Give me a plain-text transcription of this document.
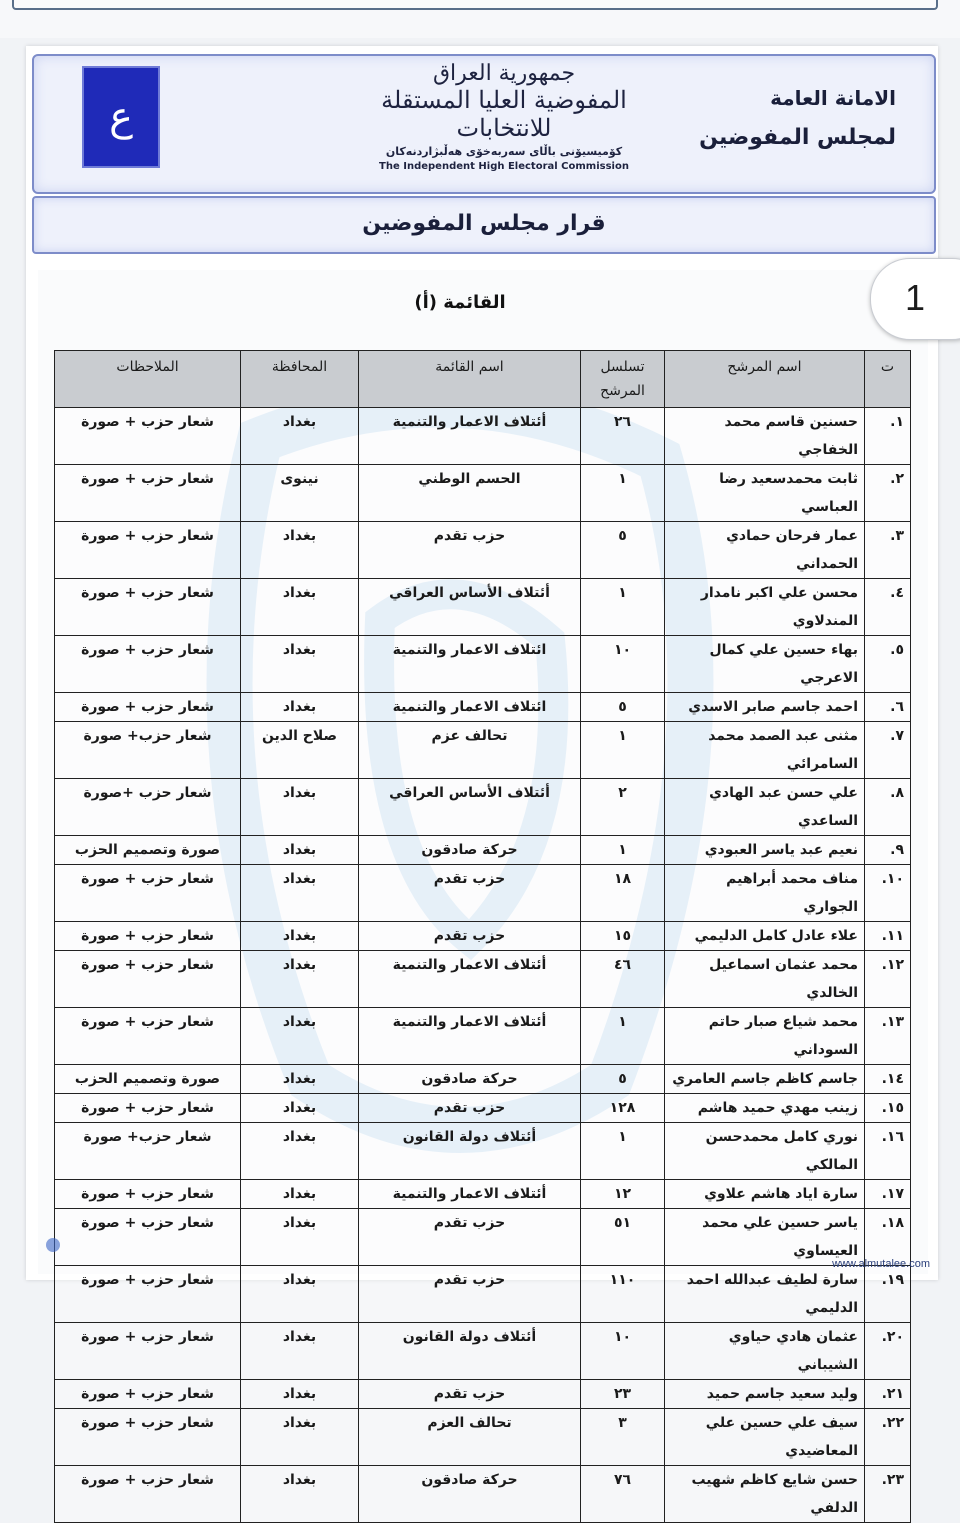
ع
جمهورية العراق
المفوضية العليا المستقلة للانتخابات
كۆمیسیۆنی باڵای سەربەخۆی هەڵبژاردنەکان
The Independent High Electoral Commission
الامانة العامة
لمجلس المفوضين
قرار مجلس المفوضين
1
القائمة (أ)
ت	اسم المرشح	تسلسل المرشح	اسم القائمة	المحافظة	الملاحظات
١.	حسنين قاسم محمد الخفاجي	٢٦	أئتلاف الاعمار والتنمية	بغداد	شعار حزب + صورة
٢.	ثابت محمدسعيد رضا العباسي	١	الحسم الوطني	نينوى	شعار حزب + صورة
٣.	عمار فرحان حمادي الحمداني	٥	حزب تقدم	بغداد	شعار حزب + صورة
٤.	محسن علي اكبر نامدار المندلاوي	١	أئتلاف الأساس العراقي	بغداد	شعار حزب + صورة
٥.	بهاء حسين علي كمال الاعرجي	١٠	ائتلاف الاعمار والتنمية	بغداد	شعار حزب + صورة
٦.	احمد جاسم صابر الاسدي	٥	ائتلاف الاعمار والتنمية	بغداد	شعار حزب + صورة
٧.	مثنى عبد الصمد محمد السامرائي	١	تحالف عزم	صلاح الدين	شعار حزب+ صورة
٨.	علي حسن عبد الهادي الساعدي	٢	أئتلاف الأساس العراقي	بغداد	شعار حزب +صورة
٩.	نعيم عبد ياسر العبودي	١	حركة صادقون	بغداد	صورة وتصميم الحزب
١٠.	مناف محمد أبراهيم الجواري	١٨	حزب تقدم	بغداد	شعار حزب + صورة
١١.	علاء عادل كامل الدليمي	١٥	حزب تقدم	بغداد	شعار حزب + صورة
١٢.	محمد عثمان اسماعيل الخالدي	٤٦	أئتلاف الاعمار والتنمية	بغداد	شعار حزب + صورة
١٣.	محمد شياع صبار حاتم السوداني	١	أئتلاف الاعمار والتنمية	بغداد	شعار حزب + صورة
١٤.	جاسم كاظم جاسم العامري	٥	حركة صادقون	بغداد	صورة وتصميم الحزب
١٥.	زينب مهدي حميد هاشم	١٢٨	حزب تقدم	بغداد	شعار حزب + صورة
١٦.	نوري كامل محمدحسن المالكي	١	أئتلاف دولة القانون	بغداد	شعار حزب+ صورة
١٧.	سارة اياد هاشم علاوي	١٢	أئتلاف الاعمار والتنمية	بغداد	شعار حزب + صورة
١٨.	ياسر حسين علي محمد العيساوي	٥١	حزب تقدم	بغداد	شعار حزب + صورة
١٩.	سارة لطيف عبدالله احمد الدليمي	١١٠	حزب تقدم	بغداد	شعار حزب + صورة
٢٠.	عثمان هادي حياوي الشيباني	١٠	أئتلاف دولة القانون	بغداد	شعار حزب + صورة
٢١.	وليد سعيد جاسم حميد	٢٣	حزب تقدم	بغداد	شعار حزب + صورة
٢٢.	سيف علي حسين علي المعاضيدي	٣	تحالف العزم	بغداد	شعار حزب + صورة
٢٣.	حسن شايع كاظم شهيب الدلفي	٧٦	حركة صادقون	بغداد	شعار حزب + صورة
www.almutalee.com
